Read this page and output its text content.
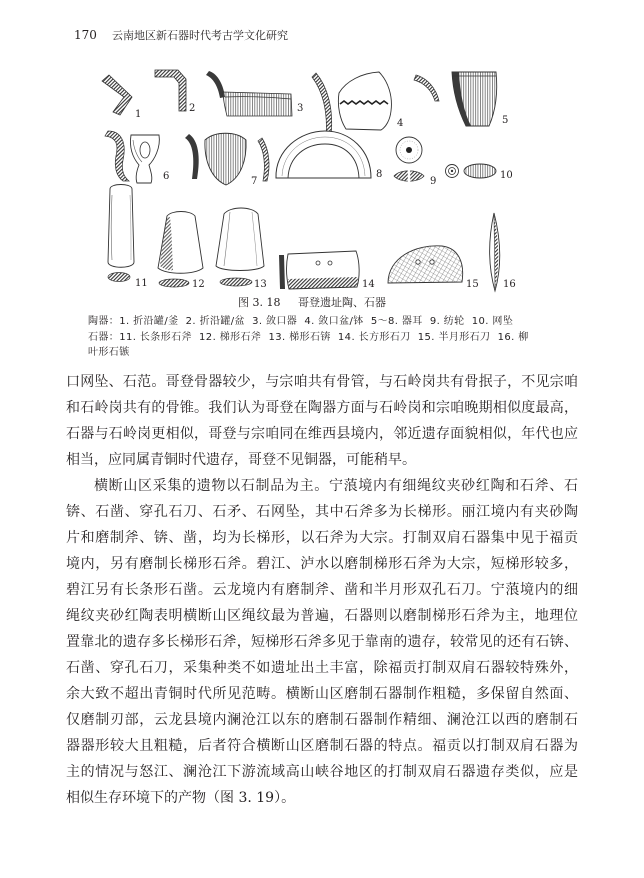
170 云南地区新石器时代考古学文化研究
1
2	3
4	5
6	7
8
9
10
11	12	13	14	15 16
图 3. 18 哥登遗址陶、石器
陶器：1. 折沿罐/釜  2. 折沿罐/盆  3. 敛口器  4. 敛口盆/钵  5～8. 器耳  9. 纺轮  10. 网坠
石器：11. 长条形石斧  12. 梯形石斧  13. 梯形石锛  14. 长方形石刀  15. 半月形石刀  16. 柳
叶形石镞
口网坠、石范。哥登骨器较少，与宗咱共有骨管，与石岭岗共有骨抿子，不见宗咱
和石岭岗共有的骨锥。我们认为哥登在陶器方面与石岭岗和宗咱晚期相似度最高，
石器与石岭岗更相似，哥登与宗咱同在维西县境内，邻近遗存面貌相似，年代也应
相当，应同属青铜时代遗存，哥登不见铜器，可能稍早。
横断山区采集的遗物以石制品为主。宁蒗境内有细绳纹夹砂红陶和石斧、石
锛、石凿、穿孔石刀、石矛、石网坠，其中石斧多为长梯形。丽江境内有夹砂陶
片和磨制斧、锛、凿，均为长梯形，以石斧为大宗。打制双肩石器集中见于福贡
境内，另有磨制长梯形石斧。碧江、泸水以磨制梯形石斧为大宗，短梯形较多，
碧江另有长条形石凿。云龙境内有磨制斧、凿和半月形双孔石刀。宁蒗境内的细
绳纹夹砂红陶表明横断山区绳纹最为普遍，石器则以磨制梯形石斧为主，地理位
置靠北的遗存多长梯形石斧，短梯形石斧多见于靠南的遗存，较常见的还有石锛、
石凿、穿孔石刀，采集种类不如遗址出土丰富，除福贡打制双肩石器较特殊外，
余大致不超出青铜时代所见范畴。横断山区磨制石器制作粗糙，多保留自然面、
仅磨制刃部，云龙县境内澜沧江以东的磨制石器制作精细、澜沧江以西的磨制石
器器形较大且粗糙，后者符合横断山区磨制石器的特点。福贡以打制双肩石器为
主的情况与怒江、澜沧江下游流域高山峡谷地区的打制双肩石器遗存类似，应是
相似生存环境下的产物（图 3. 19）。
